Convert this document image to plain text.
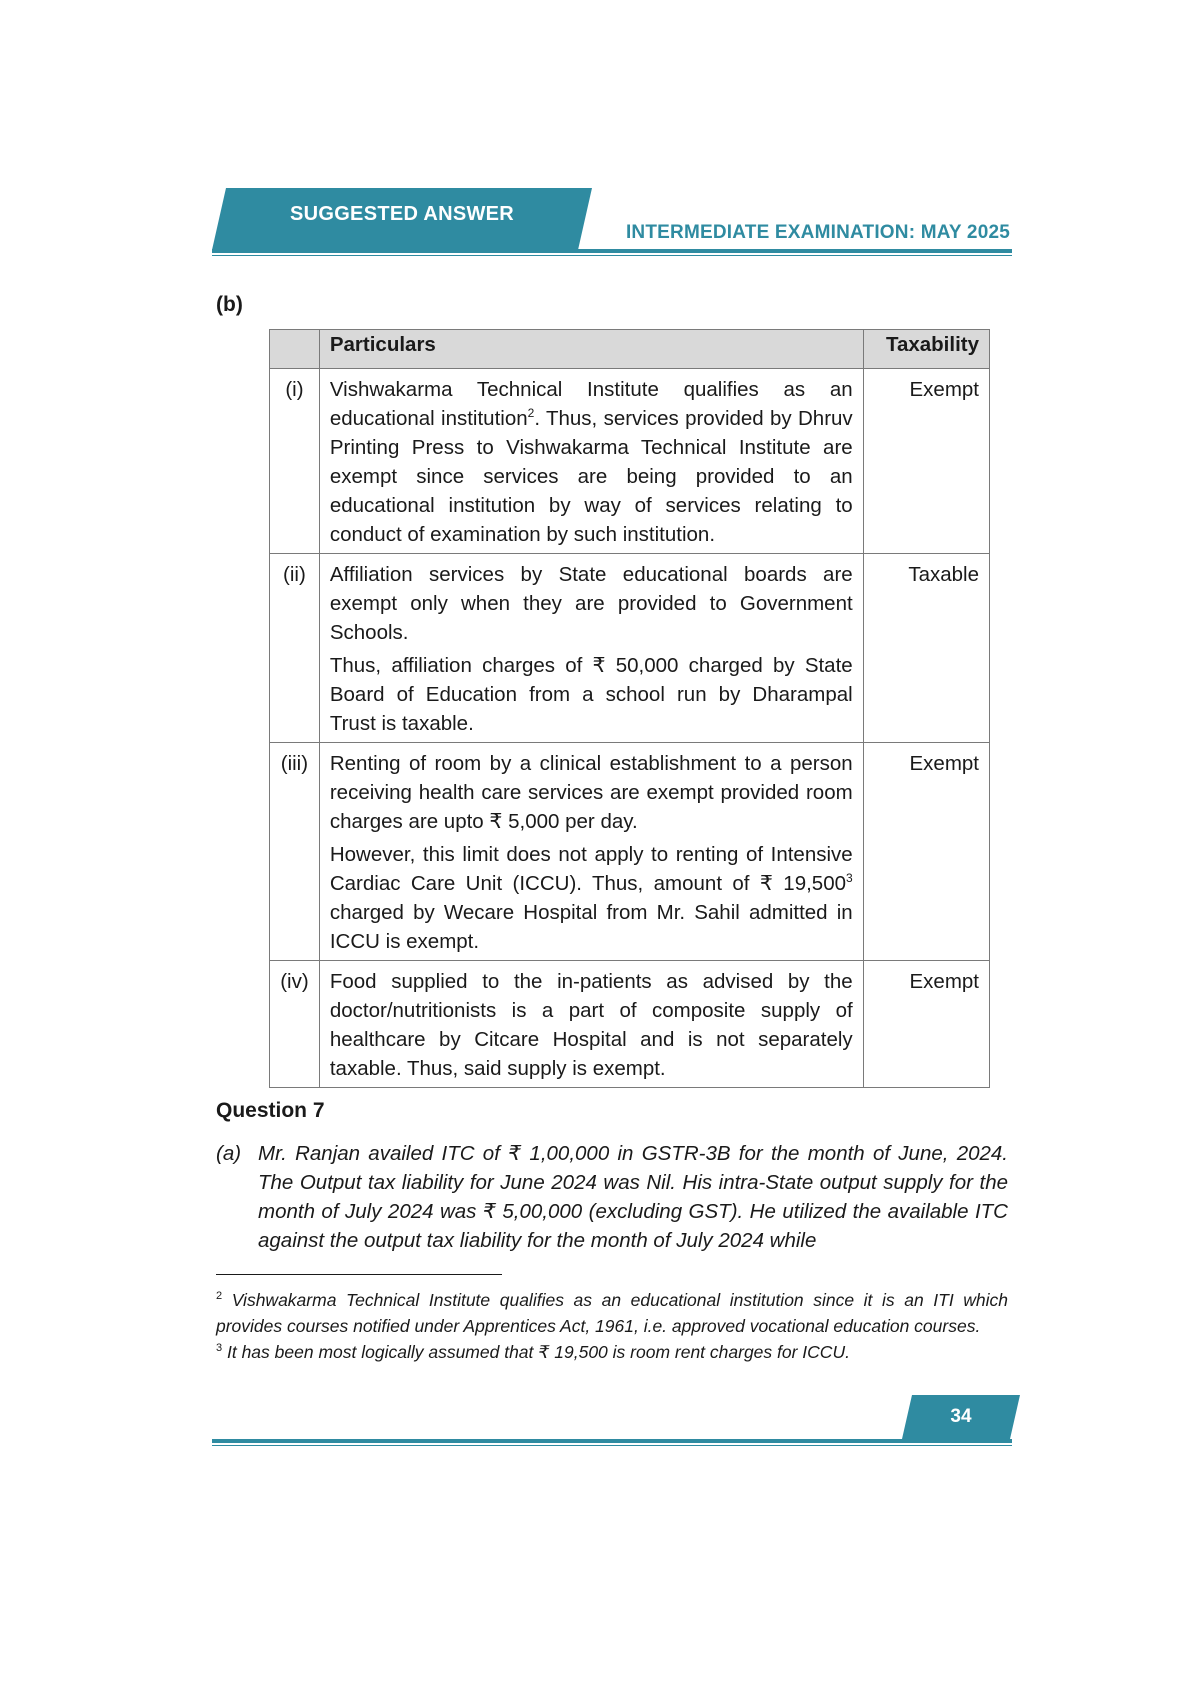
SUGGESTED ANSWER
INTERMEDIATE EXAMINATION: MAY 2025
(b)
	Particulars	Taxability
(i)	Vishwakarma Technical Institute qualifies as an educational institution$^2$. Thus, services provided by Dhruv Printing Press to Vishwakarma Technical Institute are exempt since services are being provided to an educational institution by way of services relating to conduct of examination by such institution.	Exempt
(ii)	Affiliation services by State educational boards are exempt only when they are provided to Government Schools.

Thus, affiliation charges of ₹ 50,000 charged by State Board of Education from a school run by Dharampal Trust is taxable.	Taxable
(iii)	Renting of room by a clinical establishment to a person receiving health care services are exempt provided room charges are upto ₹ 5,000 per day.

However, this limit does not apply to renting of Intensive Cardiac Care Unit (ICCU). Thus, amount of ₹ 19,500$^3$ charged by Wecare Hospital from Mr. Sahil admitted in ICCU is exempt.	Exempt
(iv)	Food supplied to the in-patients as advised by the doctor/nutritionists is a part of composite supply of healthcare by Citcare Hospital and is not separately taxable. Thus, said supply is exempt.	Exempt
Question 7
(a) Mr. Ranjan availed ITC of ₹ 1,00,000 in GSTR-3B for the month of June, 2024. The Output tax liability for June 2024 was Nil. His intra-State output supply for the month of July 2024 was ₹ 5,00,000 (excluding GST). He utilized the available ITC against the output tax liability for the month of July 2024 while

$^2$ Vishwakarma Technical Institute qualifies as an educational institution since it is an ITI which provides courses notified under Apprentices Act, 1961, i.e. approved vocational education courses.

$^3$ It has been most logically assumed that ₹ 19,500 is room rent charges for ICCU.

34
